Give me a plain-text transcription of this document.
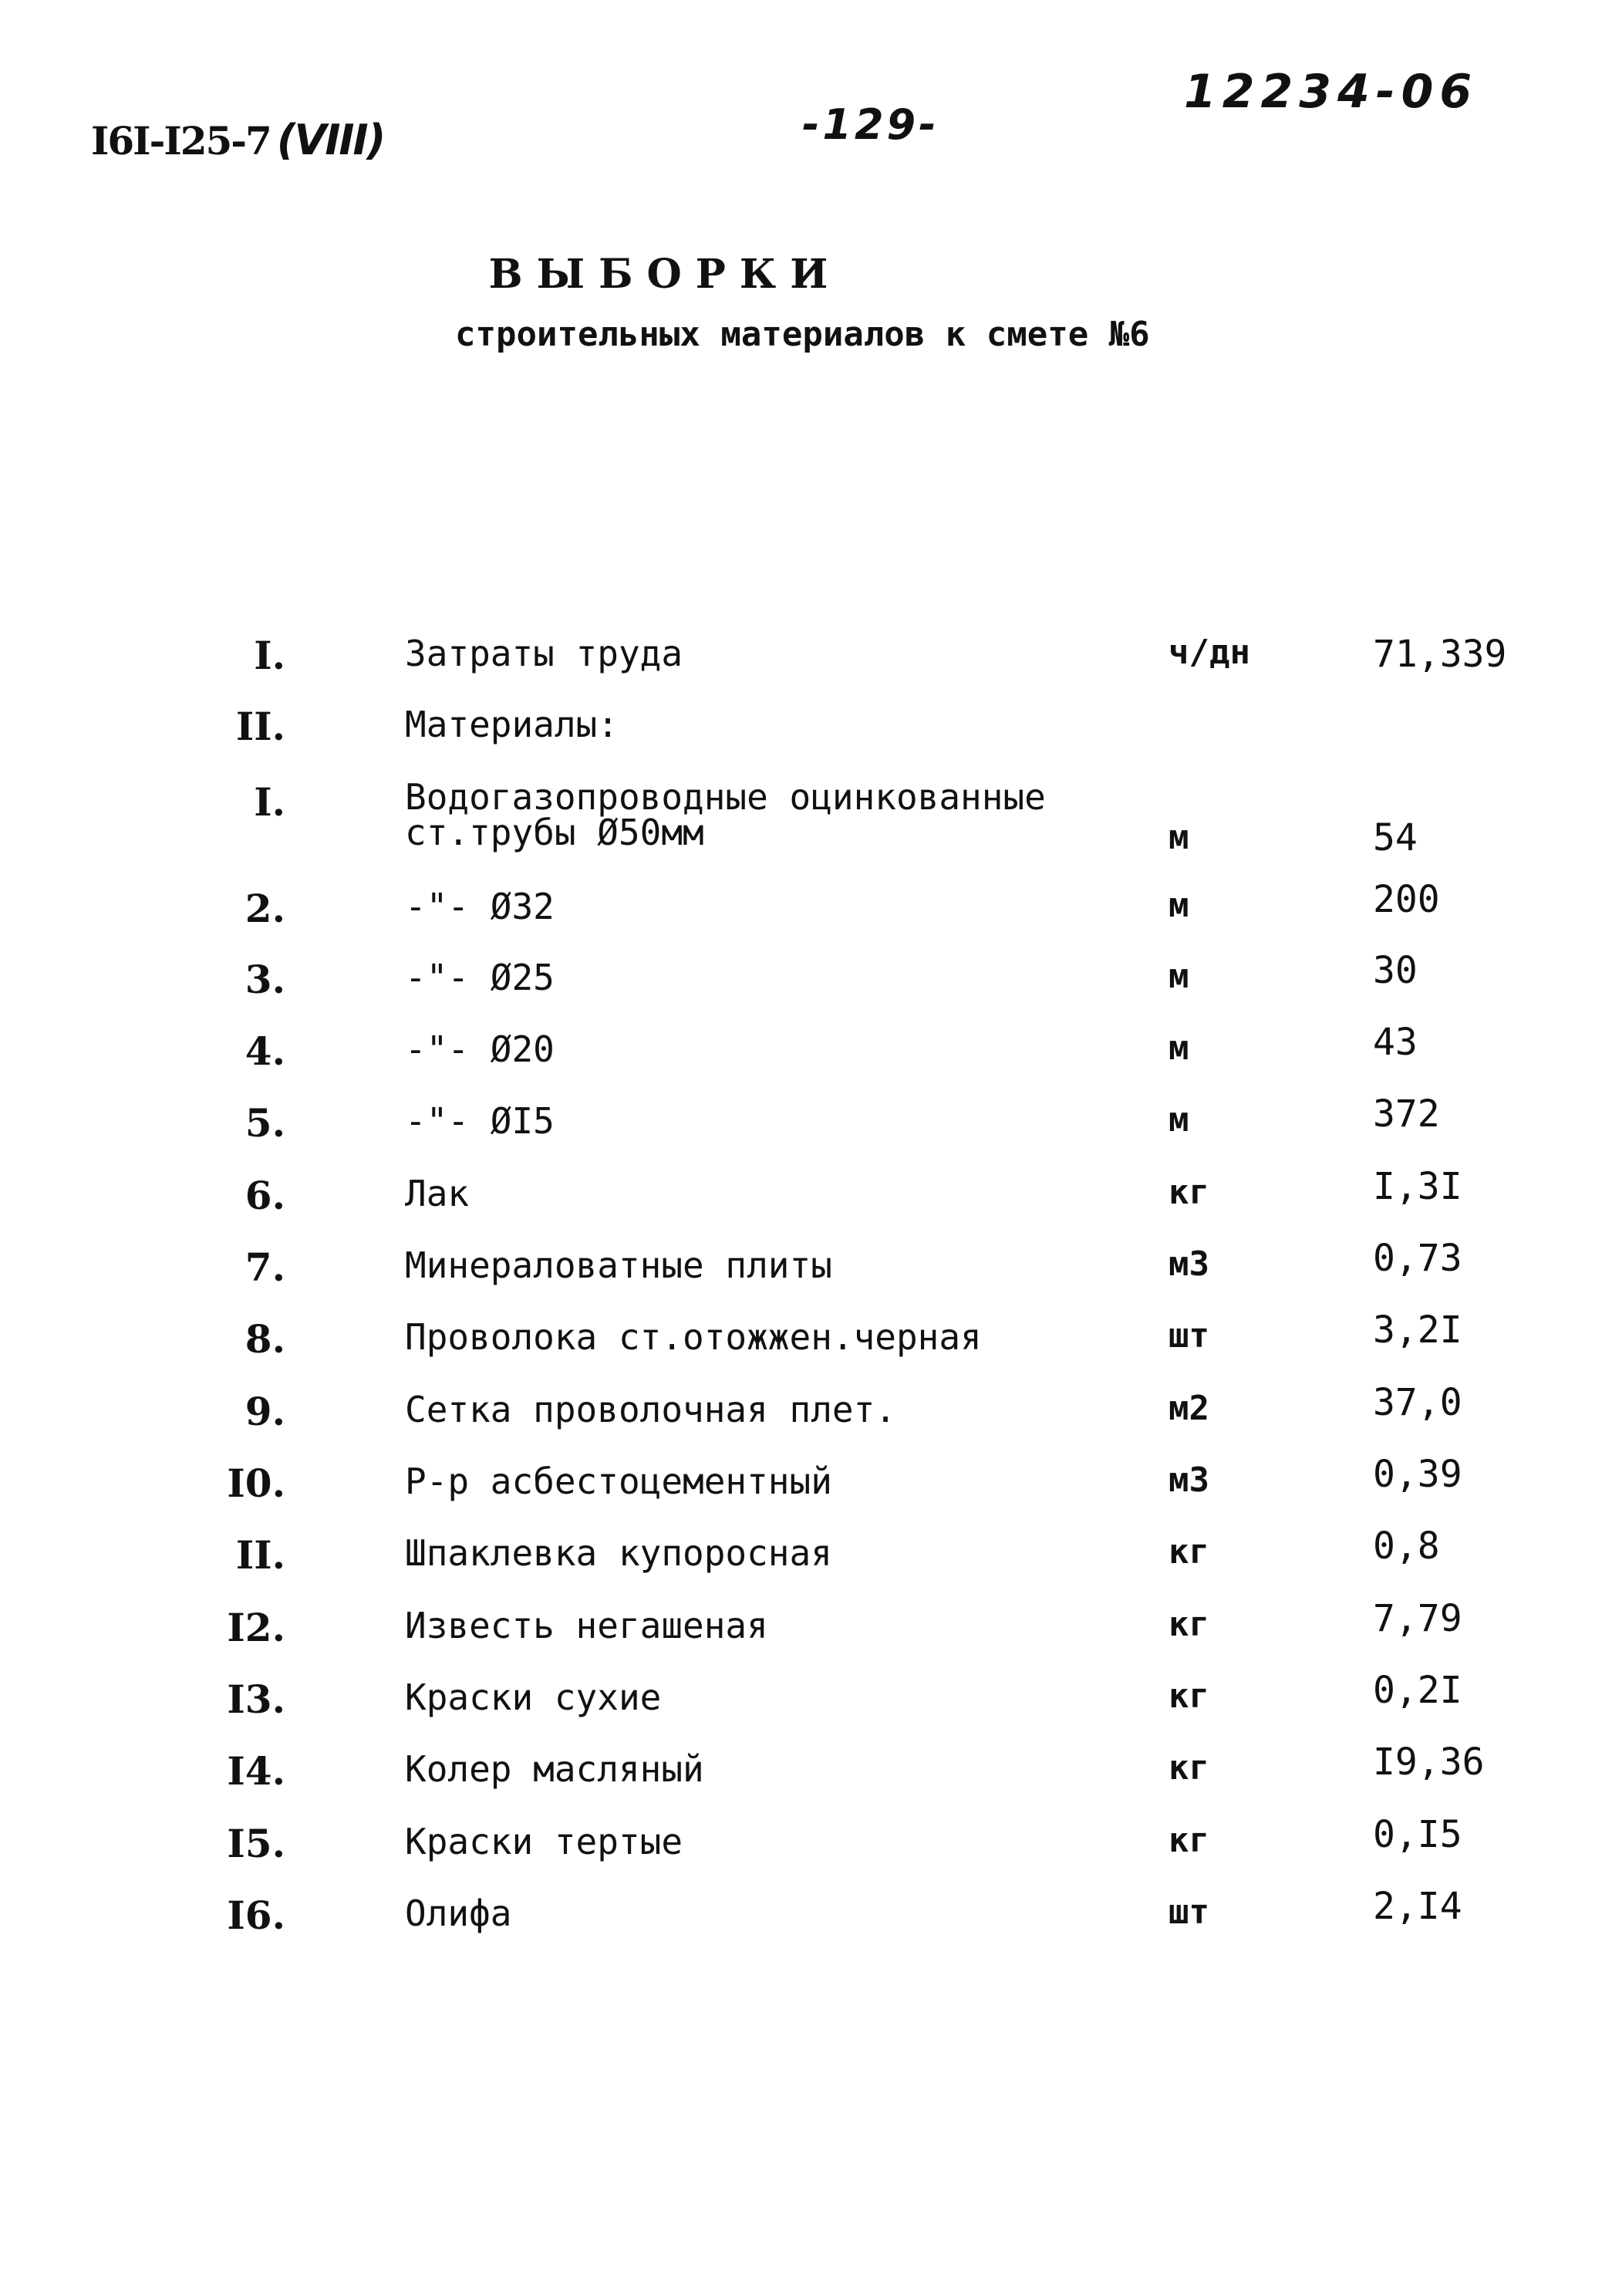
I6I-I25-7 (VIII)	-129-
12234-06
ВЫБОРКИ
строительных материалов к смете №6
I.	Затраты труда	ч/дн	71,339
II.	Материалы:
I.	Водогазопроводные оцинкованные
ст.трубы Ø50мм	м	54
2.	-"- Ø32	м	200
3.	-"- Ø25	м	30
4.	-"- Ø20	м	43
5.	-"- ØI5	м	372
6.	Лак	кг	I,3I
7.	Минераловатные плиты	м3	0,73
8.	Проволока ст.отожжен.черная	шт	3,2I
9.	Сетка проволочная плет.	м2	37,0
I0.	Р-р асбестоцементный	м3	0,39
II.	Шпаклевка купоросная	кг	0,8
I2.	Известь негашеная	кг	7,79
I3.	Краски сухие	кг	0,2I
I4.	Колер масляный	кг	I9,36
I5.	Краски тертые	кг	0,I5
I6.	Олифа	шт	2,I4
